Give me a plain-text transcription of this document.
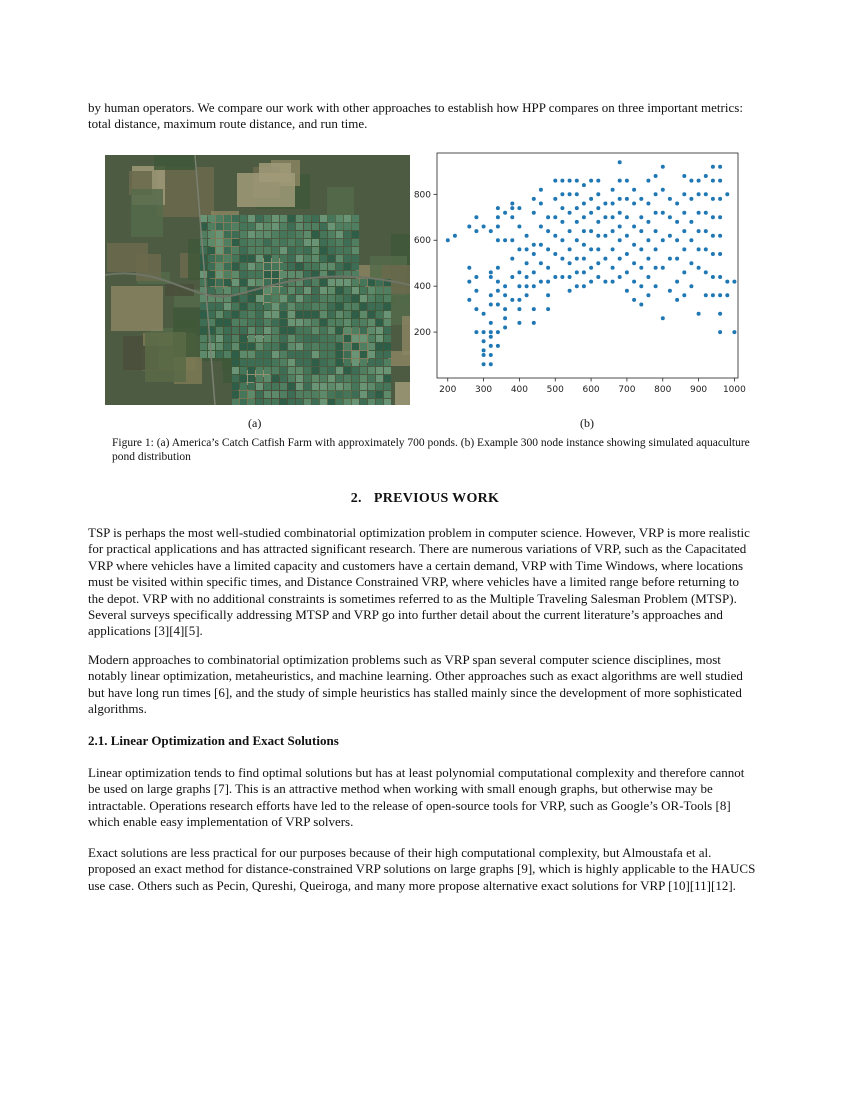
by human operators. We compare our work with other approaches to establish how HPP compares on three important metrics: total distance, maximum route distance, and run time.

200 300 400 500 600 700 800 900 1000
200
400
600
800
(a)	(b)
Figure 1: (a) America’s Catch Catfish Farm with approximately 700 ponds. (b) Example 300 node instance showing simulated aquaculture pond distribution
2. PREVIOUS WORK

TSP is perhaps the most well-studied combinatorial optimization problem in computer science. However, VRP is more realistic for practical applications and has attracted significant research. There are numerous variations of VRP, such as the Capacitated VRP where vehicles have a limited capacity and customers have a certain demand, VRP with Time Windows, where locations must be visited within specific times, and Distance Constrained VRP, where vehicles have a limited range before returning to the depot. VRP with no additional constraints is sometimes referred to as the Multiple Traveling Salesman Problem (MTSP). Several surveys specifically addressing MTSP and VRP go into further detail about the current literature’s approaches and applications [3][4][5].

Modern approaches to combinatorial optimization problems such as VRP span several computer science disciplines, most notably linear optimization, metaheuristics, and machine learning. Other approaches such as exact algorithms are well studied but have long run times [6], and the study of simple heuristics has stalled mainly since the development of more sophisticated algorithms.

2.1. Linear Optimization and Exact Solutions

Linear optimization tends to find optimal solutions but has at least polynomial computational complexity and therefore cannot be used on large graphs [7]. This is an attractive method when working with small enough graphs, but otherwise may be intractable. Operations research efforts have led to the release of open-source tools for VRP, such as Google’s OR-Tools [8] which enable easy implementation of VRP solvers.

Exact solutions are less practical for our purposes because of their high computational complexity, but Almoustafa et al. proposed an exact method for distance-constrained VRP solutions on large graphs [9], which is highly applicable to the HAUCS use case. Others such as Pecin, Qureshi, Queiroga, and many more propose alternative exact solutions for VRP [10][11][12].
